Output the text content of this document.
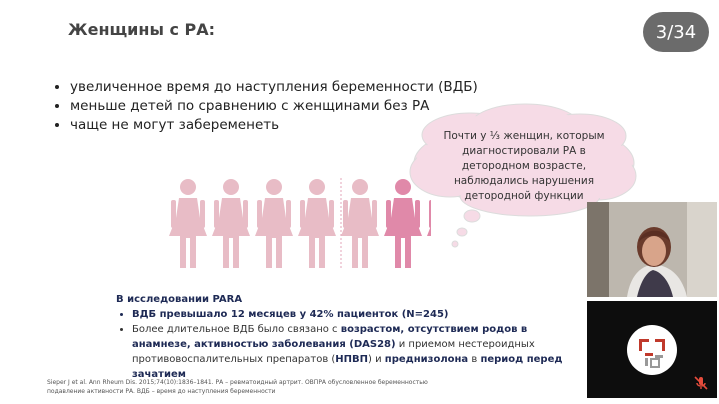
Женщины с РА:	3/34
• увеличенное время до наступления беременности (ВДБ)
• меньше детей по сравнению с женщинами без РА
• чаще не могут забеременеть
Почти у ⅓ женщин, которым
диагностировали РА в
детородном возрасте,
наблюдались нарушения
детородной функции
В исследовании PARA
• ВДБ превышало 12 месяцев у 42% пациенток (N=245)
• Более длительное ВДБ было связано с возрастом, отсутствием родов в анамнезе, активностью заболевания (DAS28) и приемом нестероидных противовоспалительных препаратов (НПВП) и преднизолона в период перед зачатием
Sieper J et al. Ann Rheum Dis. 2015;74(10):1836–1841. РА – ревматоидный артрит. ОВПРА обусловленное беременностью
подавление активности РА. ВДБ – время до наступления беременности
